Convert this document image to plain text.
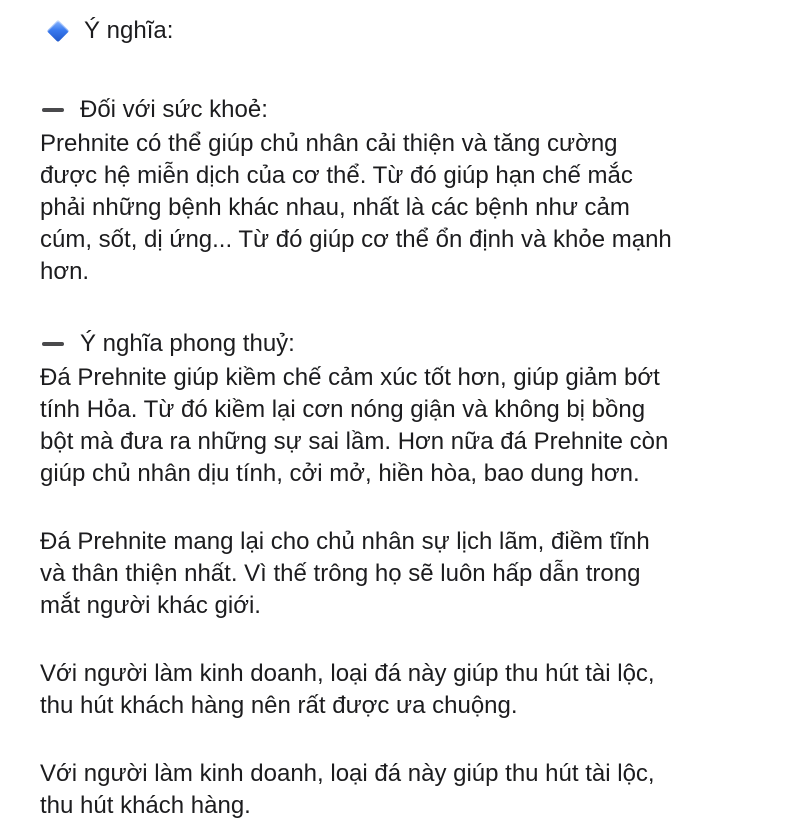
Ý nghĩa:
Đối với sức khoẻ:

Prehnite có thể giúp chủ nhân cải thiện và tăng cường
được hệ miễn dịch của cơ thể. Từ đó giúp hạn chế mắc
phải những bệnh khác nhau, nhất là các bệnh như cảm
cúm, sốt, dị ứng... Từ đó giúp cơ thể ổn định và khỏe mạnh
hơn.

Ý nghĩa phong thuỷ:

Đá Prehnite giúp kiềm chế cảm xúc tốt hơn, giúp giảm bớt
tính Hỏa. Từ đó kiềm lại cơn nóng giận và không bị bồng
bột mà đưa ra những sự sai lầm. Hơn nữa đá Prehnite còn
giúp chủ nhân dịu tính, cởi mở, hiền hòa, bao dung hơn.

Đá Prehnite mang lại cho chủ nhân sự lịch lãm, điềm tĩnh
và thân thiện nhất. Vì thế trông họ sẽ luôn hấp dẫn trong
mắt người khác giới.

Với người làm kinh doanh, loại đá này giúp thu hút tài lộc,
thu hút khách hàng nên rất được ưa chuộng.

Với người làm kinh doanh, loại đá này giúp thu hút tài lộc,
thu hút khách hàng.
